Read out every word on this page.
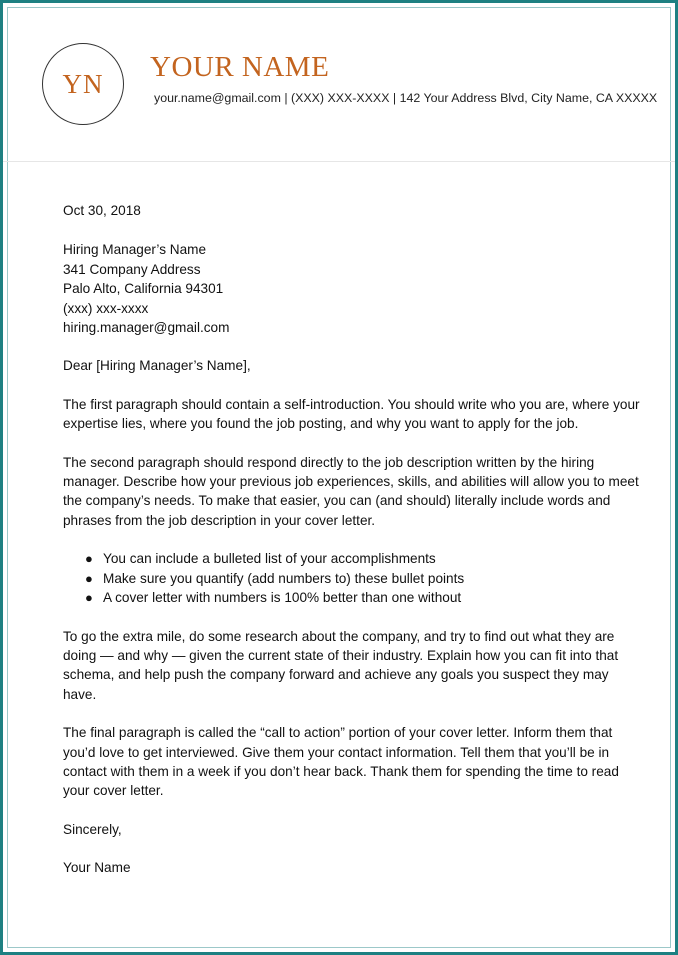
YN
YOUR NAME
your.name@gmail.com | (XXX) XXX-XXXX | 142 Your Address Blvd, City Name, CA XXXXX

Oct 30, 2018

Hiring Manager’s Name

341 Company Address

Palo Alto, California 94301

(xxx) xxx-xxxx

hiring.manager@gmail.com

Dear [Hiring Manager’s Name],

The first paragraph should contain a self-introduction. You should write who you are, where your expertise lies, where you found the job posting, and why you want to apply for the job.

The second paragraph should respond directly to the job description written by the hiring manager. Describe how your previous job experiences, skills, and abilities will allow you to meet the company’s needs. To make that easier, you can (and should) literally include words and phrases from the job description in your cover letter.

● You can include a bulleted list of your accomplishments
● Make sure you quantify (add numbers to) these bullet points
● A cover letter with numbers is 100% better than one without

To go the extra mile, do some research about the company, and try to find out what they are doing — and why — given the current state of their industry. Explain how you can fit into that schema, and help push the company forward and achieve any goals you suspect they may have.

The final paragraph is called the “call to action” portion of your cover letter. Inform them that you’d love to get interviewed. Give them your contact information. Tell them that you’ll be in contact with them in a week if you don’t hear back. Thank them for spending the time to read your cover letter.

Sincerely,

Your Name
